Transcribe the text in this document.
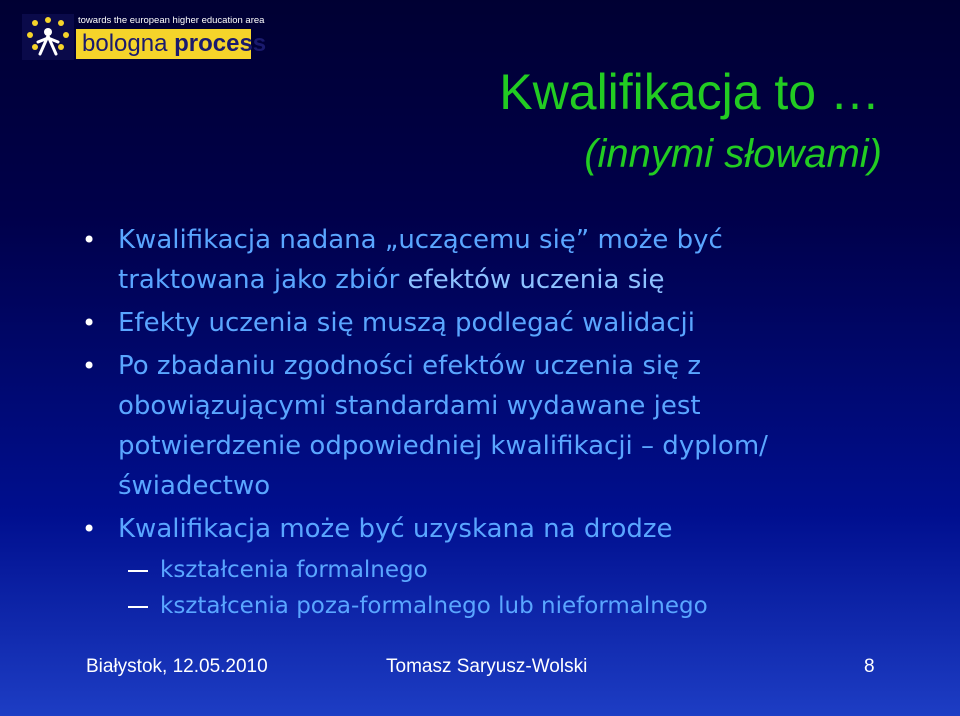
towards the european higher education area
bologna process
Kwalifikacja to …
(innymi słowami)
• Kwalifikacja nadana „uczącemu się” może być traktowana jako zbiór efektów uczenia się
• Efekty uczenia się muszą podlegać walidacji
• Po zbadaniu zgodności efektów uczenia się z obowiązującymi standardami wydawane jest potwierdzenie odpowiedniej kwalifikacji – dyplom/świadectwo
• Kwalifikacja może być uzyskana na drodze
kształcenia formalnego
kształcenia poza-formalnego lub nieformalnego
Białystok, 12.05.2010	Tomasz Saryusz-Wolski	8
